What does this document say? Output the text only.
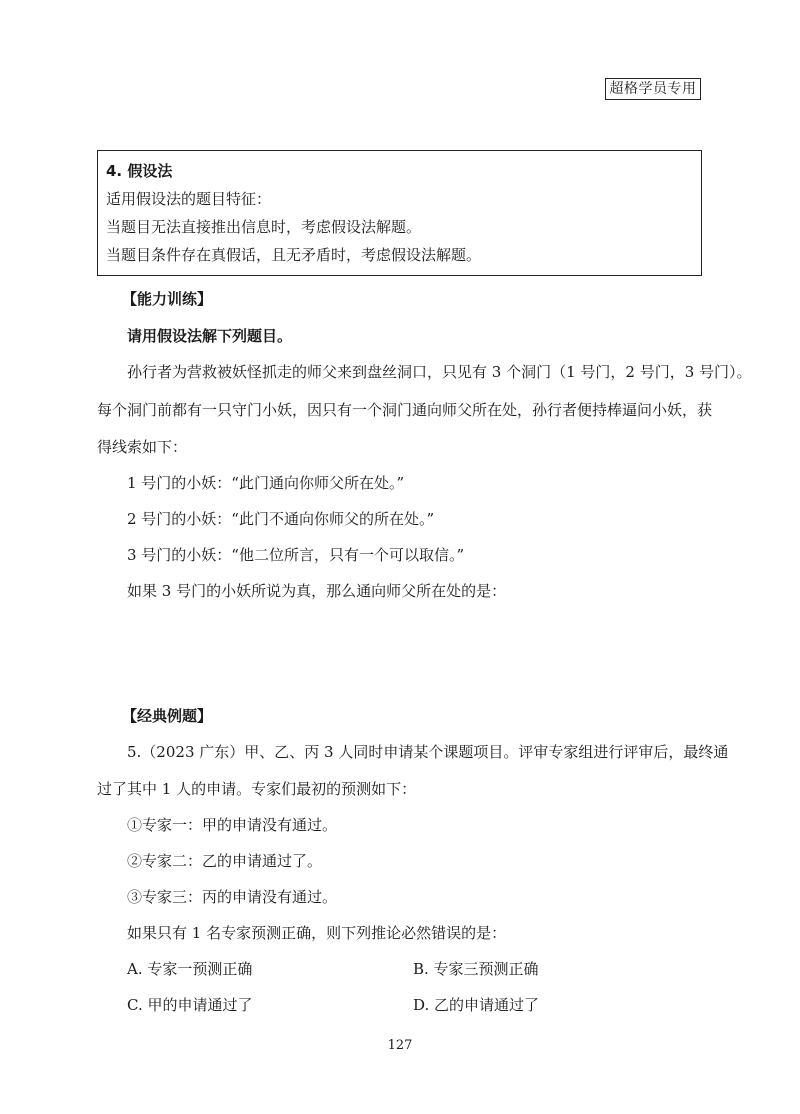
超格学员专用
4. 假设法
适用假设法的题目特征：
当题目无法直接推出信息时，考虑假设法解题。
当题目条件存在真假话，且无矛盾时，考虑假设法解题。
【能力训练】
请用假设法解下列题目。
孙行者为营救被妖怪抓走的师父来到盘丝洞口，只见有 3 个洞门（1 号门，2 号门，3 号门）。
每个洞门前都有一只守门小妖，因只有一个洞门通向师父所在处，孙行者便持棒逼问小妖，获
得线索如下：
1 号门的小妖：“此门通向你师父所在处。”
2 号门的小妖：“此门不通向你师父的所在处。”
3 号门的小妖：“他二位所言，只有一个可以取信。”
如果 3 号门的小妖所说为真，那么通向师父所在处的是：
【经典例题】
5.（2023 广东）甲、乙、丙 3 人同时申请某个课题项目。评审专家组进行评审后，最终通
过了其中 1 人的申请。专家们最初的预测如下：
①专家一：甲的申请没有通过。
②专家二：乙的申请通过了。
③专家三：丙的申请没有通过。
如果只有 1 名专家预测正确，则下列推论必然错误的是：
A. 专家一预测正确	B. 专家三预测正确
C. 甲的申请通过了	D. 乙的申请通过了
127
